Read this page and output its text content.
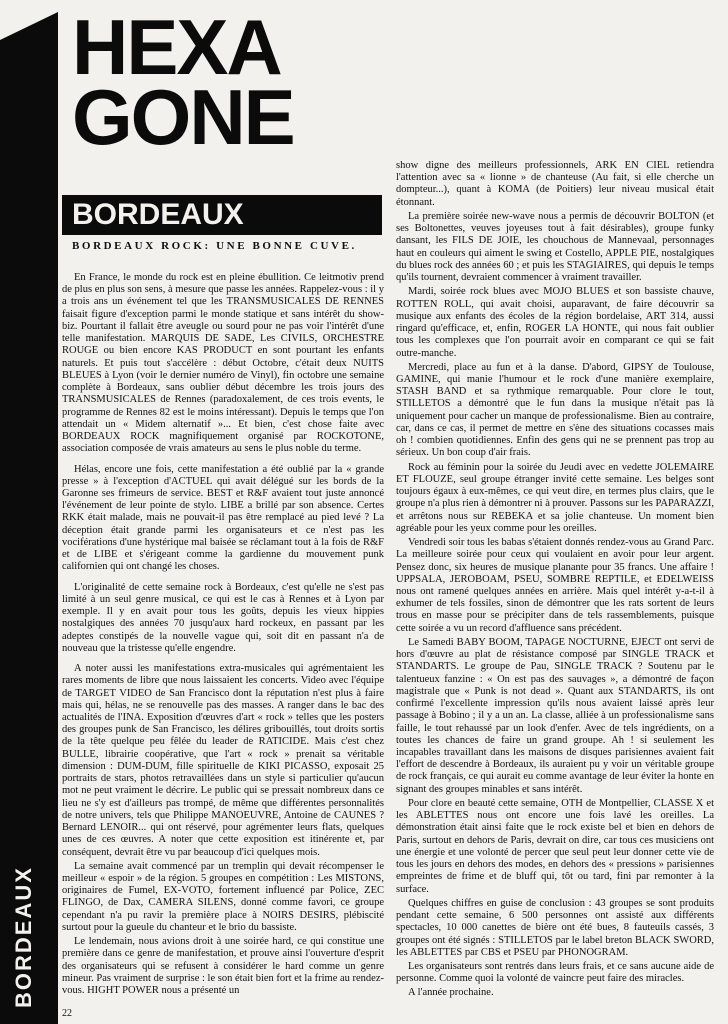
BORDEAUX
HEXA
GONE
BORDEAUX
BORDEAUX ROCK: UNE BONNE CUVE.

En France, le monde du rock est en pleine ébullition. Ce leitmotiv prend de plus en plus son sens, à mesure que passe les années. Rappelez-vous : il y a trois ans un événement tel que les TRANSMUSICALES DE RENNES faisait figure d'exception parmi le monde statique et sans intérêt du show-biz. Pourtant il fallait être aveugle ou sourd pour ne pas voir l'intérêt d'une telle manifestation. MARQUIS DE SADE, Les CIVILS, ORCHESTRE ROUGE ou bien encore KAS PRODUCT en sont pourtant les enfants naturels. Et puis tout s'accélère : début Octobre, c'était deux NUITS BLEUES à Lyon (voir le dernier numéro de Vinyl), fin octobre une semaine complète à Bordeaux, sans oublier début décembre les trois jours des TRANSMUSICALES de Rennes (paradoxalement, de ces trois events, le programme de Rennes 82 est le moins intéressant). Depuis le temps que l'on attendait un « Midem alternatif »... Et bien, c'est chose faite avec BORDEAUX ROCK magnifiquement organisé par ROCKOTONE, association composée de vrais amateurs au sens le plus noble du terme.

Hélas, encore une fois, cette manifestation a été oublié par la « grande presse » à l'exception d'ACTUEL qui avait délégué sur les bords de la Garonne ses frimeurs de service. BEST et R&F avaient tout juste annoncé l'événement de leur pointe de stylo. LIBE a brillé par son absence. Certes RKK était malade, mais ne pouvait-il pas être remplacé au pied levé ? La déception était grande parmi les organisateurs et ce n'est pas les vociférations d'une hystérique mal baisée se réclamant tout à la fois de R&F et de LIBE et s'érigeant comme la gardienne du mouvement punk californien qui ont changé les choses.

L'originalité de cette semaine rock à Bordeaux, c'est qu'elle ne s'est pas limité à un seul genre musical, ce qui est le cas à Rennes et à Lyon par exemple. Il y en avait pour tous les goûts, depuis les vieux hippies nostalgiques des années 70 jusqu'aux hard rockeux, en passant par les adeptes constipés de la nouvelle vague qui, soit dit en passant n'a de nouveau que la tristesse qu'elle engendre.

A noter aussi les manifestations extra-musicales qui agrémentaient les rares moments de libre que nous laissaient les concerts. Video avec l'équipe de TARGET VIDEO de San Francisco dont la réputation n'est plus à faire mais qui, hélas, ne se renouvelle pas des masses. A ranger dans le bac des actualités de l'INA. Exposition d'œuvres d'art « rock » telles que les posters des groupes punk de San Francisco, les délires gribouillés, tout droits sortis de la tête quelque peu fêlée du leader de RATICIDE. Mais c'est chez BULLE, librairie coopérative, que l'art « rock » prenait sa véritable dimension : DUM-DUM, fille spirituelle de KIKI PICASSO, exposait 25 portraits de stars, photos retravaillées dans un style si particulier qu'aucun mot ne peut vraiment le décrire. Le public qui se pressait nombreux dans ce lieu ne s'y est d'ailleurs pas trompé, de même que différentes personnalités de notre univers, tels que Philippe MANOEUVRE, Antoine de CAUNES ? Bernard LENOIR... qui ont réservé, pour agrémenter leurs flats, quelques unes de ces œuvres. A noter que cette exposition est itinérente et, par conséquent, devrait être vu par beaucoup d'ici quelques mois.

La semaine avait commencé par un tremplin qui devait récompenser le meilleur « espoir » de la région. 5 groupes en compétition : Les MISTONS, originaires de Fumel, EX-VOTO, fortement influencé par Police, ZEC FLINGO, de Dax, CAMERA SILENS, donné comme favori, ce groupe cependant n'a pu ravir la première place à NOIRS DESIRS, plébiscité surtout pour la gueule du chanteur et le brio du bassiste.

Le lendemain, nous avions droit à une soirée hard, ce qui constitue une première dans ce genre de manifestation, et prouve ainsi l'ouverture d'esprit des organisateurs qui se refusent à considérer le hard comme un genre mineur. Pas vraiment de surprise : le son était bien fort et la frime au rendez-vous. HIGHT POWER nous a présenté un

show digne des meilleurs professionnels, ARK EN CIEL retiendra l'attention avec sa « lionne » de chanteuse (Au fait, si elle cherche un dompteur...), quant à KOMA (de Poitiers) leur niveau musical était étonnant.

La première soirée new-wave nous a permis de découvrir BOLTON (et ses Boltonettes, veuves joyeuses tout à fait désirables), groupe funky dansant, les FILS DE JOIE, les chouchous de Mannevaal, personnages haut en couleurs qui aiment le swing et Costello, APPLE PIE, nostalgiques du blues rock des années 60 ; et puis les STAGIAIRES, qui depuis le temps qu'ils tournent, devraient commencer à vraiment travailler.

Mardi, soirée rock blues avec MOJO BLUES et son bassiste chauve, ROTTEN ROLL, qui avait choisi, auparavant, de faire découvrir sa musique aux enfants des écoles de la région bordelaise, ART 314, aussi ringard qu'efficace, et, enfin, ROGER LA HONTE, qui nous fait oublier tous les complexes que l'on pourrait avoir en comparant ce qui se fait outre-manche.

Mercredi, place au fun et à la danse. D'abord, GIPSY de Toulouse, GAMINE, qui manie l'humour et le rock d'une manière exemplaire, STASH BAND et sa rythmique remarquable. Pour clore le tout, STILLETOS a démontré que le fun dans la musique n'était pas là uniquement pour cacher un manque de professionalisme. Bien au contraire, car, dans ce cas, il permet de mettre en s'ène des situations cocasses mais oh ! combien quotidiennes. Enfin des gens qui ne se prennent pas trop au sérieux. Un bon coup d'air frais.

Rock au féminin pour la soirée du Jeudi avec en vedette JOLEMAIRE ET FLOUZE, seul groupe étranger invité cette semaine. Les belges sont toujours égaux à eux-mêmes, ce qui veut dire, en termes plus clairs, que le groupe n'a plus rien à démontrer ni à prouver. Passons sur les PAPARAZZI, et arrêtons nous sur REBEKA et sa jolie chanteuse. Un moment bien agréable pour les yeux comme pour les oreilles.

Vendredi soir tous les babas s'étaient donnés rendez-vous au Grand Parc. La meilleure soirée pour ceux qui voulaient en avoir pour leur argent. Pensez donc, six heures de musique planante pour 35 francs. Une affaire ! UPPSALA, JEROBOAM, PSEU, SOMBRE REPTILE, et EDELWEISS nous ont ramené quelques années en arrière. Mais quel intérêt y-a-t-il à exhumer de tels fossiles, sinon de démontrer que les rats sortent de leurs trous en masse pour se précipiter dans de tels rassemblements, puisque cette soirée a vu un record d'affluence sans précédent.

Le Samedi BABY BOOM, TAPAGE NOCTURNE, EJECT ont servi de hors d'œuvre au plat de résistance composé par SINGLE TRACK et STANDARTS. Le groupe de Pau, SINGLE TRACK ? Soutenu par le talentueux fanzine : « On est pas des sauvages », a démontré de façon magistrale que « Punk is not dead ». Quant aux STANDARTS, ils ont confirmé l'excellente impression qu'ils nous avaient laissé après leur passage à Bobino ; il y a un an. La classe, alliée à un professionalisme sans faille, le tout rehaussé par un look d'enfer. Avec de tels ingrédients, on a toutes les chances de faire un grand groupe. Ah ! si seulement les incapables travaillant dans les maisons de disques parisiennes avaient fait l'effort de descendre à Bordeaux, ils auraient pu y voir un véritable groupe de rock français, ce qui aurait eu comme avantage de leur éviter la honte en signant des groupes minables et sans intérêt.

Pour clore en beauté cette semaine, OTH de Montpellier, CLASSE X et les ABLETTES nous ont encore une fois lavé les oreilles. La démonstration était ainsi faite que le rock existe bel et bien en dehors de Paris, surtout en dehors de Paris, devrait on dire, car tous ces musiciens ont une énergie et une volonté de percer que seul peut leur donner cette vie de tous les jours en dehors des modes, en dehors des « pressions » parisiennes empreintes de frime et de bluff qui, tôt ou tard, fini par remonter à la surface.

Quelques chiffres en guise de conclusion : 43 groupes se sont produits pendant cette semaine, 6 500 personnes ont assisté aux différents spectacles, 10 000 canettes de bière ont été bues, 8 fauteuils cassés, 3 groupes ont été signés : STILLETOS par le label breton BLACK SWORD, les ABLETTES par CBS et PSEU par PHONOGRAM.

Les organisateurs sont rentrés dans leurs frais, et ce sans aucune aide de personne. Comme quoi la volonté de vaincre peut faire des miracles.

A l'année prochaine.

22
